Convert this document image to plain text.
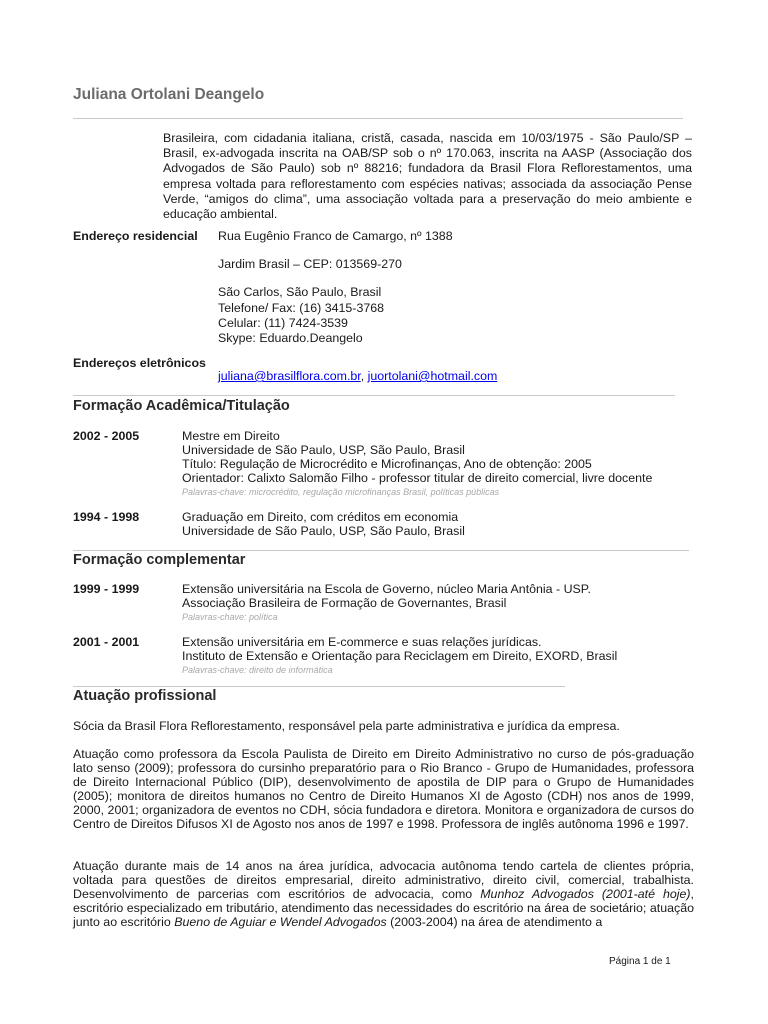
Juliana Ortolani Deangelo

Brasileira, com cidadania italiana, cristã, casada, nascida em 10/03/1975 - São Paulo/SP – Brasil, ex-advogada inscrita na OAB/SP sob o nº 170.063, inscrita na AASP (Associação dos Advogados de São Paulo) sob nº 88216; fundadora da Brasil Flora Reflorestamentos, uma empresa voltada para reflorestamento com espécies nativas; associada da associação Pense Verde, “amigos do clima”, uma associação voltada para a preservação do meio ambiente e educação ambiental.

Endereço residencial Rua Eugênio Franco de Camargo, nº 1388
Jardim Brasil – CEP: 013569-270
São Carlos, São Paulo, Brasil
Telefone/ Fax: (16) 3415-3768
Celular: (11) 7424-3539
Skype: Eduardo.Deangelo
Endereços eletrônicos
juliana@brasilflora.com.br, juortolani@hotmail.com
Formação Acadêmica/Titulação
2002 - 2005	Mestre em Direito
Universidade de São Paulo, USP, São Paulo, Brasil
Título: Regulação de Microcrédito e Microfinanças, Ano de obtenção: 2005
Orientador: Calixto Salomão Filho - professor titular de direito comercial, livre docente
Palavras-chave: microcrédito, regulação microfinanças Brasil, políticas públicas
1994 - 1998	Graduação em Direito, com créditos em economia
Universidade de São Paulo, USP, São Paulo, Brasil
Formação complementar
1999 - 1999	Extensão universitária na Escola de Governo, núcleo Maria Antônia - USP.
Associação Brasileira de Formação de Governantes, Brasil
Palavras-chave: política
2001 - 2001	Extensão universitária em E-commerce e suas relações jurídicas.
Instituto de Extensão e Orientação para Reciclagem em Direito, EXORD, Brasil
Palavras-chave: direito de informática
Atuação profissional

Sócia da Brasil Flora Reflorestamento, responsável pela parte administrativa e jurídica da empresa.

Atuação como professora da Escola Paulista de Direito em Direito Administrativo no curso de pós-graduação lato senso (2009); professora do cursinho preparatório para o Rio Branco - Grupo de Humanidades, professora de Direito Internacional Público (DIP), desenvolvimento de apostila de DIP para o Grupo de Humanidades (2005); monitora de direitos humanos no Centro de Direito Humanos XI de Agosto (CDH) nos anos de 1999, 2000, 2001; organizadora de eventos no CDH, sócia fundadora e diretora. Monitora e organizadora de cursos do Centro de Direitos Difusos XI de Agosto nos anos de 1997 e 1998. Professora de inglês autônoma 1996 e 1997.

Atuação durante mais de 14 anos na área jurídica, advocacia autônoma tendo cartela de clientes própria, voltada para questões de direitos empresarial, direito administrativo, direito civil, comercial, trabalhista. Desenvolvimento de parcerias com escritórios de advocacia, como Munhoz Advogados (2001-até hoje), escritório especializado em tributário, atendimento das necessidades do escritório na área de societário; atuação junto ao escritório Bueno de Aguiar e Wendel Advogados (2003-2004) na área de atendimento a

Página 1 de 1
